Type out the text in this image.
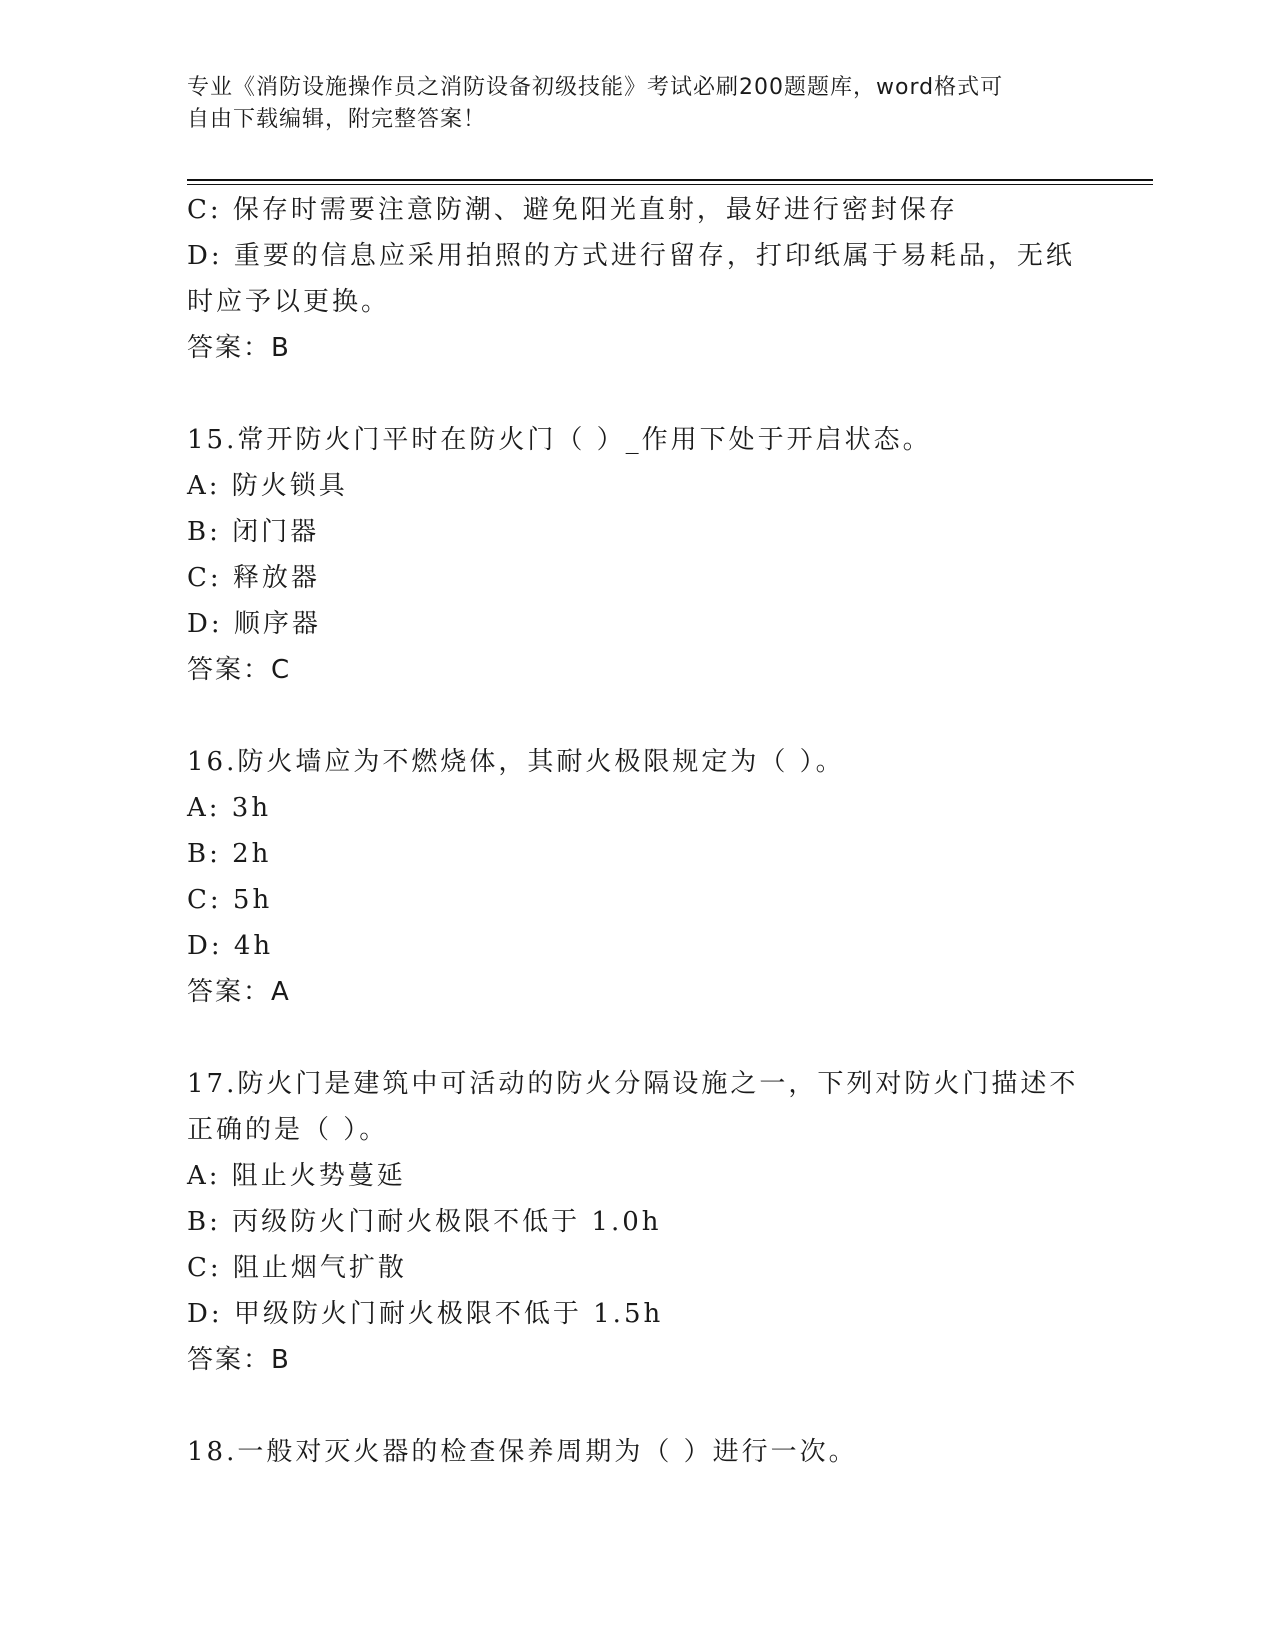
专业《消防设施操作员之消防设备初级技能》考试必刷200题题库，word格式可
自由下载编辑，附完整答案！
C: 保存时需要注意防潮、避免阳光直射，最好进行密封保存
D: 重要的信息应采用拍照的方式进行留存，打印纸属于易耗品，无纸
时应予以更换。
答案：B
15.常开防火门平时在防火门（ ）_作用下处于开启状态。
A: 防火锁具
B: 闭门器
C: 释放器
D: 顺序器
答案：C
16.防火墙应为不燃烧体，其耐火极限规定为（ ）。
A: 3h
B: 2h
C: 5h
D: 4h
答案：A
17.防火门是建筑中可活动的防火分隔设施之一，下列对防火门描述不
正确的是（ ）。
A: 阻止火势蔓延
B: 丙级防火门耐火极限不低于 1.0h
C: 阻止烟气扩散
D: 甲级防火门耐火极限不低于 1.5h
答案：B
18.一般对灭火器的检查保养周期为（ ）进行一次。
